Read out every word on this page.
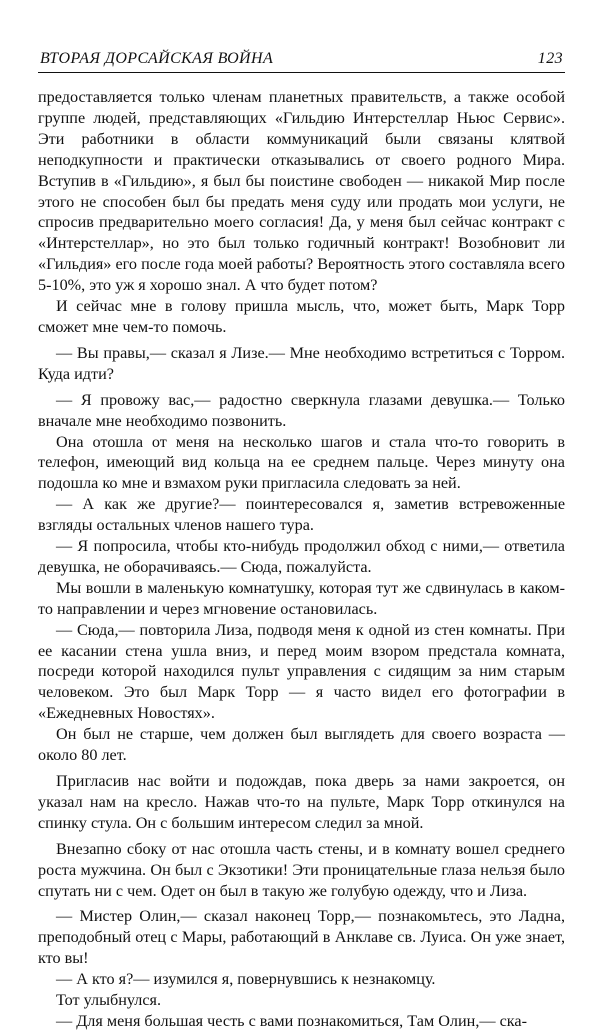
ВТОРАЯ ДОРСАЙСКАЯ ВОЙНА	123

предоставляется только членам планетных правительств, а также особой группе людей, представляющих «Гильдию Интерстеллар Ньюс Сервис». Эти работники в области коммуникаций были связаны клятвой неподкупности и практически отказывались от своего родного Мира. Вступив в «Гильдию», я был бы поистине свободен — никакой Мир после этого не способен был бы предать меня суду или продать мои услуги, не спросив предварительно моего согласия! Да, у меня был сейчас контракт с «Интерстеллар», но это был только годичный контракт! Возобновит ли «Гильдия» его после года моей работы? Вероятность этого составляла всего 5-10%, это уж я хорошо знал. А что будет потом?

И сейчас мне в голову пришла мысль, что, может быть, Марк Торр сможет мне чем-то помочь.

— Вы правы,— сказал я Лизе.— Мне необходимо встретиться с Торром. Куда идти?

— Я провожу вас,— радостно сверкнула глазами девушка.— Только вначале мне необходимо позвонить.

Она отошла от меня на несколько шагов и стала что-то говорить в телефон, имеющий вид кольца на ее среднем пальце. Через минуту она подошла ко мне и взмахом руки пригласила следовать за ней.

— А как же другие?— поинтересовался я, заметив встревоженные взгляды остальных членов нашего тура.

— Я попросила, чтобы кто-нибудь продолжил обход с ними,— ответила девушка, не оборачиваясь.— Сюда, пожалуйста.

Мы вошли в маленькую комнатушку, которая тут же сдвинулась в каком-то направлении и через мгновение остановилась.

— Сюда,— повторила Лиза, подводя меня к одной из стен комнаты. При ее касании стена ушла вниз, и перед моим взором предстала комната, посреди которой находился пульт управления с сидящим за ним старым человеком. Это был Марк Торр — я часто видел его фотографии в «Ежедневных Новостях».

Он был не старше, чем должен был выглядеть для своего возраста — около 80 лет.

Пригласив нас войти и подождав, пока дверь за нами закроется, он указал нам на кресло. Нажав что-то на пульте, Марк Торр откинулся на спинку стула. Он с большим интересом следил за мной.

Внезапно сбоку от нас отошла часть стены, и в комнату вошел среднего роста мужчина. Он был с Экзотики! Эти проницательные глаза нельзя было спутать ни с чем. Одет он был в такую же голубую одежду, что и Лиза.

— Мистер Олин,— сказал наконец Торр,— познакомьтесь, это Ладна, преподобный отец с Мары, работающий в Анклаве св. Луиса. Он уже знает, кто вы!

— А кто я?— изумился я, повернувшись к незнакомцу.

Тот улыбнулся.

— Для меня большая честь с вами познакомиться, Там Олин,— ска-
